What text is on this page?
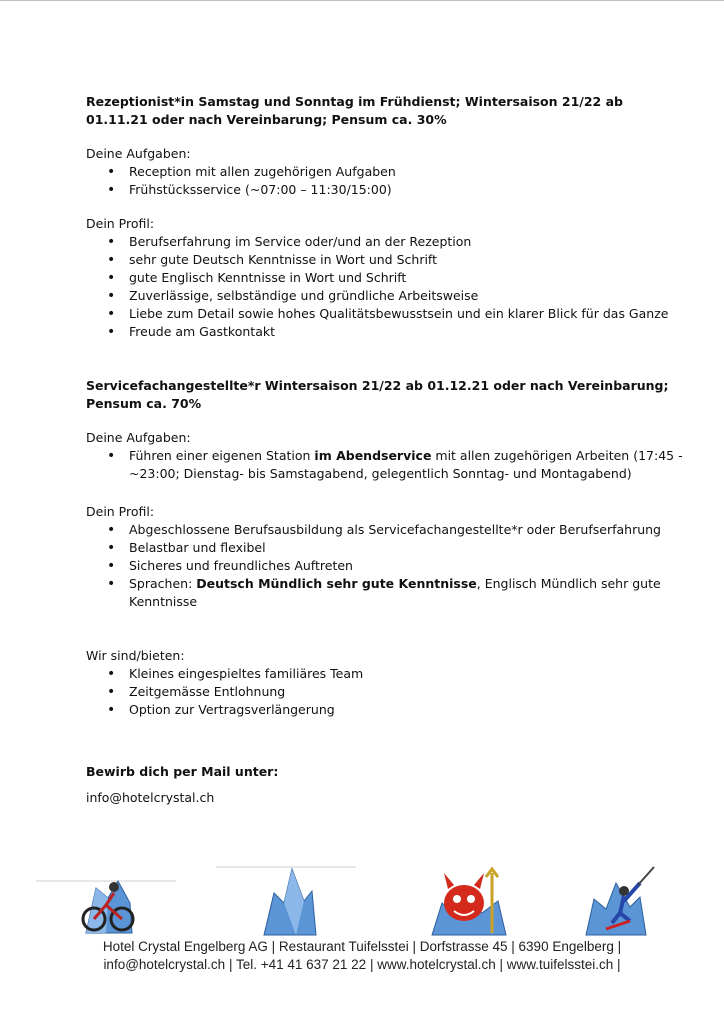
Rezeptionist*in Samstag und Sonntag im Frühdienst; Wintersaison 21/22 ab 01.11.21 oder nach Vereinbarung; Pensum ca. 30%

Deine Aufgaben:

• Reception mit allen zugehörigen Aufgaben
• Frühstücksservice (~07:00 – 11:30/15:00)

Dein Profil:

• Berufserfahrung im Service oder/und an der Rezeption
• sehr gute Deutsch Kenntnisse in Wort und Schrift
• gute Englisch Kenntnisse in Wort und Schrift
• Zuverlässige, selbständige und gründliche Arbeitsweise
• Liebe zum Detail sowie hohes Qualitätsbewusstsein und ein klarer Blick für das Ganze
• Freude am Gastkontakt

Servicefachangestellte*r Wintersaison 21/22 ab 01.12.21 oder nach Vereinbarung; Pensum ca. 70%

Deine Aufgaben:

• Führen einer eigenen Station im Abendservice mit allen zugehörigen Arbeiten (17:45 - ~23:00; Dienstag- bis Samstagabend, gelegentlich Sonntag- und Montagabend)

Dein Profil:

• Abgeschlossene Berufsausbildung als Servicefachangestellte*r oder Berufserfahrung
• Belastbar und flexibel
• Sicheres und freundliches Auftreten
• Sprachen: Deutsch Mündlich sehr gute Kenntnisse, Englisch Mündlich sehr gute Kenntnisse

Wir sind/bieten:

• Kleines eingespieltes familiäres Team
• Zeitgemässe Entlohnung
• Option zur Vertragsverlängerung

Bewirb dich per Mail unter:

info@hotelcrystal.ch

Hotel Crystal Engelberg AG | Restaurant Tuifelsstei | Dorfstrasse 45 | 6390 Engelberg |
info@hotelcrystal.ch | Tel. +41 41 637 21 22 | www.hotelcrystal.ch | www.tuifelsstei.ch |
